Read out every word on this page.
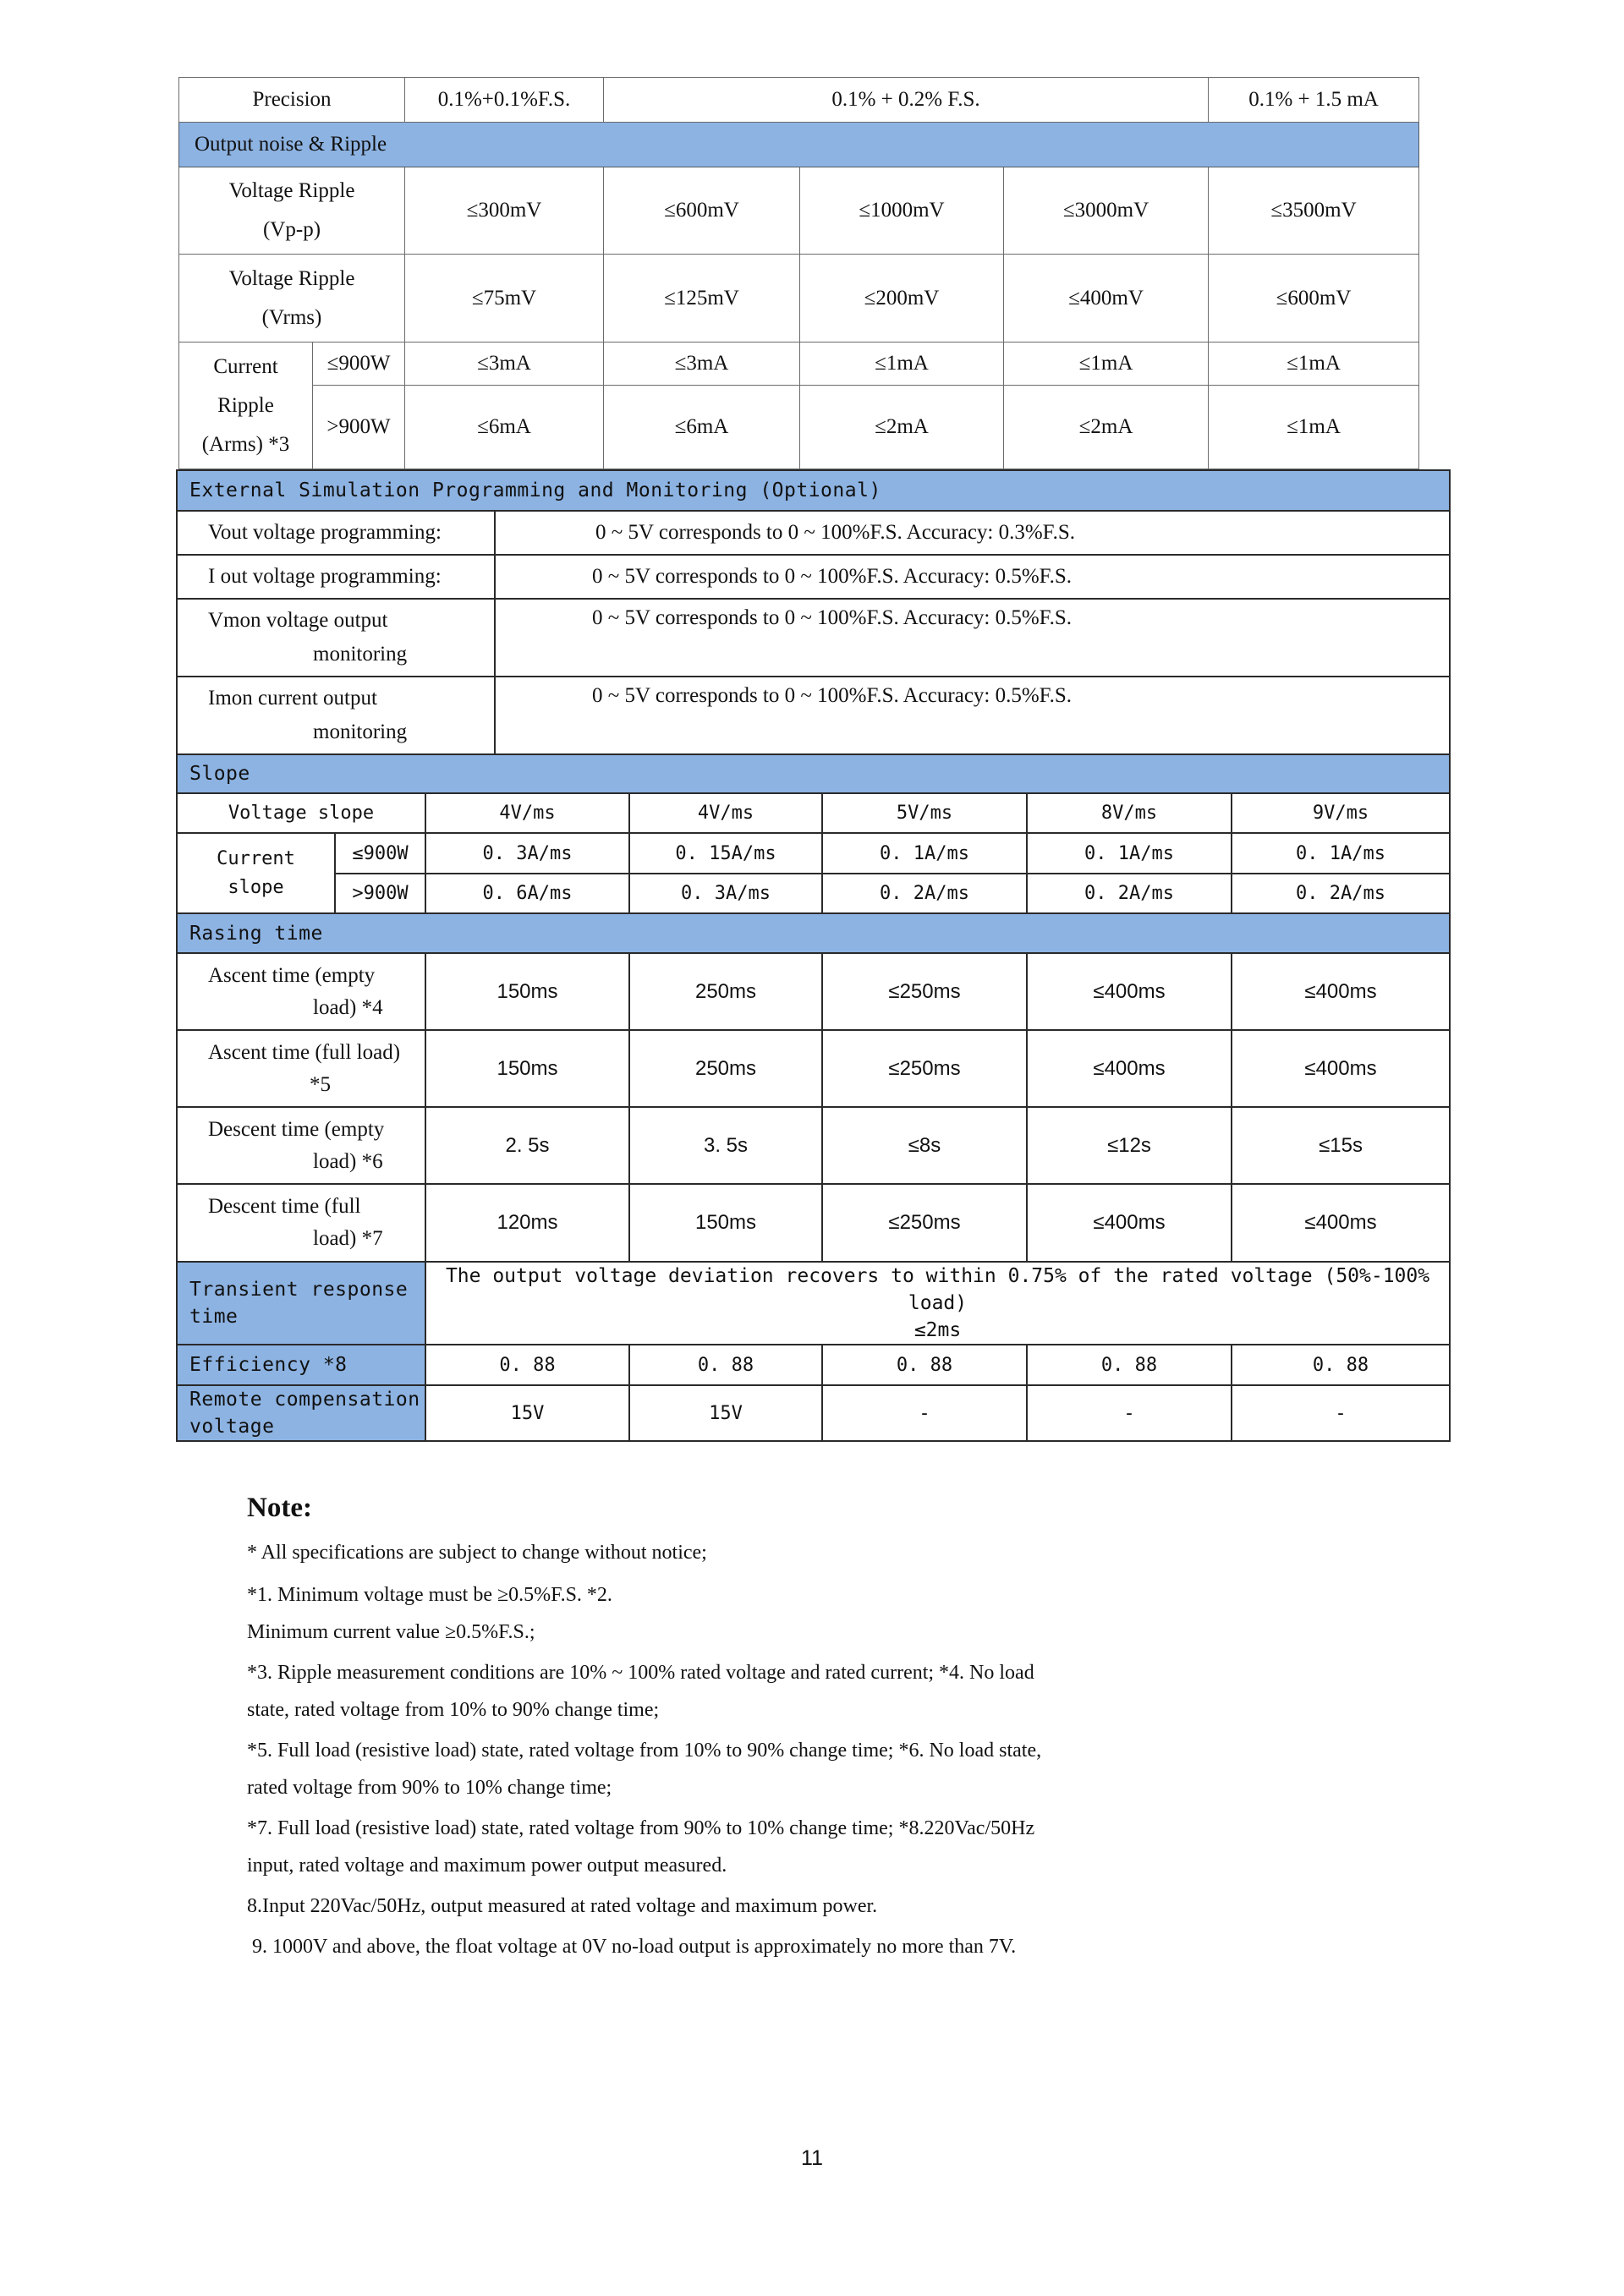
Precision		0.1%+0.1%F.S.	0.1% + 0.2% F.S.			0.1% + 1.5 mA
Output noise & Ripple						

Voltage Ripple
(Vp-p)		≤300mV	≤600mV	≤1000mV	≤3000mV	≤3500mV

Voltage Ripple
(Vrms)		≤75mV	≤125mV	≤200mV	≤400mV	≤600mV

Current
Ripple
(Arms) *3	≤900W	≤3mA	≤3mA	≤1mA	≤1mA	≤1mA
	>900W	≤6mA	≤6mA	≤2mA	≤2mA	≤1mA
External Simulation Programming and Monitoring (Optional)							
Vout voltage programming:			0 ~ 5V corresponds to 0 ~ 100%F.S. Accuracy: 0.3%F.S.				
I out voltage programming:			0 ~ 5V corresponds to 0 ~ 100%F.S. Accuracy: 0.5%F.S.				

Vmon voltage output
monitoring			0 ~ 5V corresponds to 0 ~ 100%F.S. Accuracy: 0.5%F.S.				

Imon current output
monitoring			0 ~ 5V corresponds to 0 ~ 100%F.S. Accuracy: 0.5%F.S.				
Slope							
Voltage slope		4V/ms		4V/ms	5V/ms	8V/ms	9V/ms

Current
slope	≤900W	0. 3A/ms		0. 15A/ms	0. 1A/ms	0. 1A/ms	0. 1A/ms
	>900W	0. 6A/ms		0. 3A/ms	0. 2A/ms	0. 2A/ms	0. 2A/ms
Rasing time							

Ascent time (empty
load) *4		150ms		250ms	≤250ms	≤400ms	≤400ms

Ascent time (full load)
*5		150ms		250ms	≤250ms	≤400ms	≤400ms

Descent time (empty
load) *6		2. 5s		3. 5s	≤8s	≤12s	≤15s

Descent time (full
load) *7		120ms		150ms	≤250ms	≤400ms	≤400ms

Transient response
time		The output voltage deviation recovers to within 0.75% of the rated voltage (50%-100% load)
≤2ms					

Efficiency *8		0. 88		0. 88	0. 88	0. 88	0. 88

Remote compensation
voltage		15V		15V	-	-	-
Note:

* All specifications are subject to change without notice;

*1. Minimum voltage must be ≥0.5%F.S. *2.

Minimum current value ≥0.5%F.S.;

*3. Ripple measurement conditions are 10% ~ 100% rated voltage and rated current; *4. No load

state, rated voltage from 10% to 90% change time;

*5. Full load (resistive load) state, rated voltage from 10% to 90% change time; *6. No load state,

rated voltage from 90% to 10% change time;

*7. Full load (resistive load) state, rated voltage from 90% to 10% change time; *8.220Vac/50Hz

input, rated voltage and maximum power output measured.

8.Input 220Vac/50Hz, output measured at rated voltage and maximum power.

9. 1000V and above, the float voltage at 0V no-load output is approximately no more than 7V.

11
